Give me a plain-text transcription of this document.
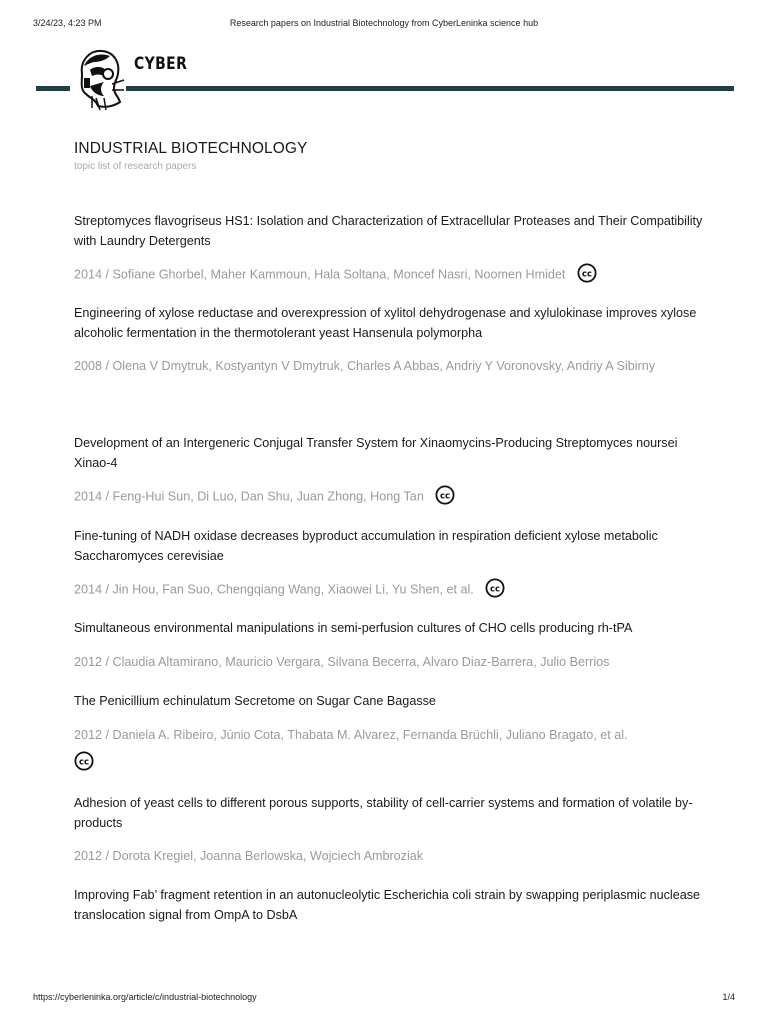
3/24/23, 4:23 PM	Research papers on Industrial Biotechnology from CyberLeninka science hub
CYBER
INDUSTRIAL BIOTECHNOLOGY
topic list of research papers
Streptomyces flavogriseus HS1: Isolation and Characterization of Extracellular Proteases and Their Compatibility with Laundry Detergents
2014 / Sofiane Ghorbel, Maher Kammoun, Hala Soltana, Moncef Nasri, Noomen Hmidet cc
Engineering of xylose reductase and overexpression of xylitol dehydrogenase and xylulokinase improves xylose alcoholic fermentation in the thermotolerant yeast Hansenula polymorpha
2008 / Olena V Dmytruk, Kostyantyn V Dmytruk, Charles A Abbas, Andriy Y Voronovsky, Andriy A Sibirny
Development of an Intergeneric Conjugal Transfer System for Xinaomycins-Producing Streptomyces noursei Xinao-4
2014 / Feng-Hui Sun, Di Luo, Dan Shu, Juan Zhong, Hong Tan cc
Fine-tuning of NADH oxidase decreases byproduct accumulation in respiration deficient xylose metabolic Saccharomyces cerevisiae
2014 / Jin Hou, Fan Suo, Chengqiang Wang, Xiaowei Li, Yu Shen, et al. cc
Simultaneous environmental manipulations in semi-perfusion cultures of CHO cells producing rh-tPA
2012 / Claudia Altamirano, Mauricio Vergara, Silvana Becerra, Alvaro Diaz-Barrera, Julio Berrios
The Penicillium echinulatum Secretome on Sugar Cane Bagasse
2012 / Daniela A. Ribeiro, Júnio Cota, Thabata M. Alvarez, Fernanda Brüchli, Juliano Bragato, et al.
cc
Adhesion of yeast cells to different porous supports, stability of cell-carrier systems and formation of volatile by-products
2012 / Dorota Kregiel, Joanna Berlowska, Wojciech Ambroziak
Improving Fab’ fragment retention in an autonucleolytic Escherichia coli strain by swapping periplasmic nuclease translocation signal from OmpA to DsbA
https://cyberleninka.org/article/c/industrial-biotechnology	1/4
